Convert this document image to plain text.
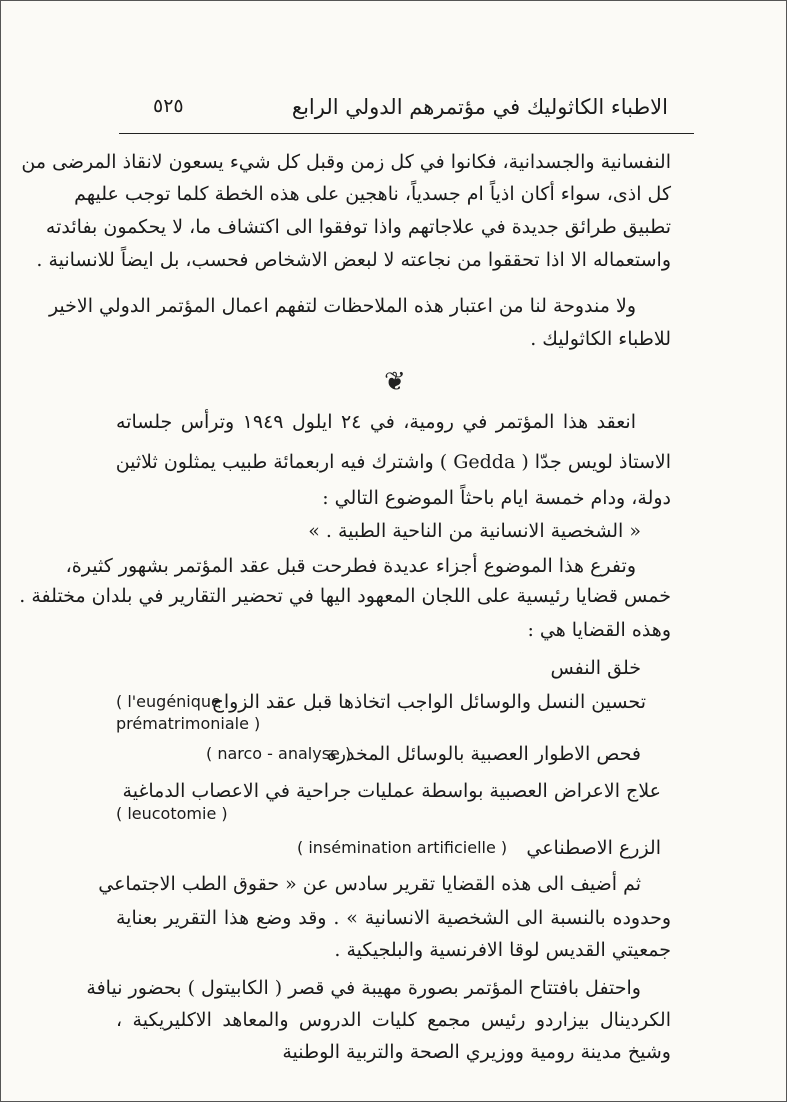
الاطباء الكاثوليك في مؤتمرهم الدولي الرابع
٥٢٥
النفسانية والجسدانية، فكانوا في كل زمن وقبل كل شيء يسعون لانقاذ المرضى من
كل اذى، سواء أكان اذياً ام جسدياً، ناهجين على هذه الخطة كلما توجب عليهم
تطبيق طرائق جديدة في علاجاتهم واذا توفقوا الى اكتشاف ما، لا يحكمون بفائدته
واستعماله الا اذا تحققوا من نجاعته لا لبعض الاشخاص فحسب، بل ايضاً للانسانية .
ولا مندوحة لنا من اعتبار هذه الملاحظات لتفهم اعمال المؤتمر الدولي الاخير
للاطباء الكاثوليك .
❦
انعقد هذا المؤتمر في رومية، في ٢٤ ايلول ١٩٤٩ وترأس جلساته
الاستاذ لويس جدّا ( Gedda ) واشترك فيه اربعمائة طبيب يمثلون ثلاثين
دولة، ودام خمسة ايام باحثاً الموضوع التالي :
« الشخصية الانسانية من الناحية الطبية . »
وتفرع هذا الموضوع أجزاء عديدة فطرحت قبل عقد المؤتمر بشهور كثيرة،
خمس قضايا رئيسية على اللجان المعهود اليها في تحضير التقارير في بلدان مختلفة .
وهذه القضايا هي :
خلق النفس
تحسين النسل والوسائل الواجب اتخاذها قبل عقد الزواج
( l'eugénique
prématrimoniale )
فحص الاطوار العصبية بالوسائل المخدرة
( narco - analyse )
علاج الاعراض العصبية بواسطة عمليات جراحية في الاعصاب الدماغية
( leucotomie )
الزرع الاصطناعي
( insémination artificielle )
ثم أضيف الى هذه القضايا تقرير سادس عن « حقوق الطب الاجتماعي
وحدوده بالنسبة الى الشخصية الانسانية » . وقد وضع هذا التقرير بعناية
جمعيتي القديس لوقا الافرنسية والبلجيكية .
واحتفل بافتتاح المؤتمر بصورة مهيبة في قصر ( الكابيتول ) بحضور نيافة
الكردينال بيزاردو رئيس مجمع كليات الدروس والمعاهد الاكليريكية ،
وشيخ مدينة رومية ووزيري الصحة والتربية الوطنية
